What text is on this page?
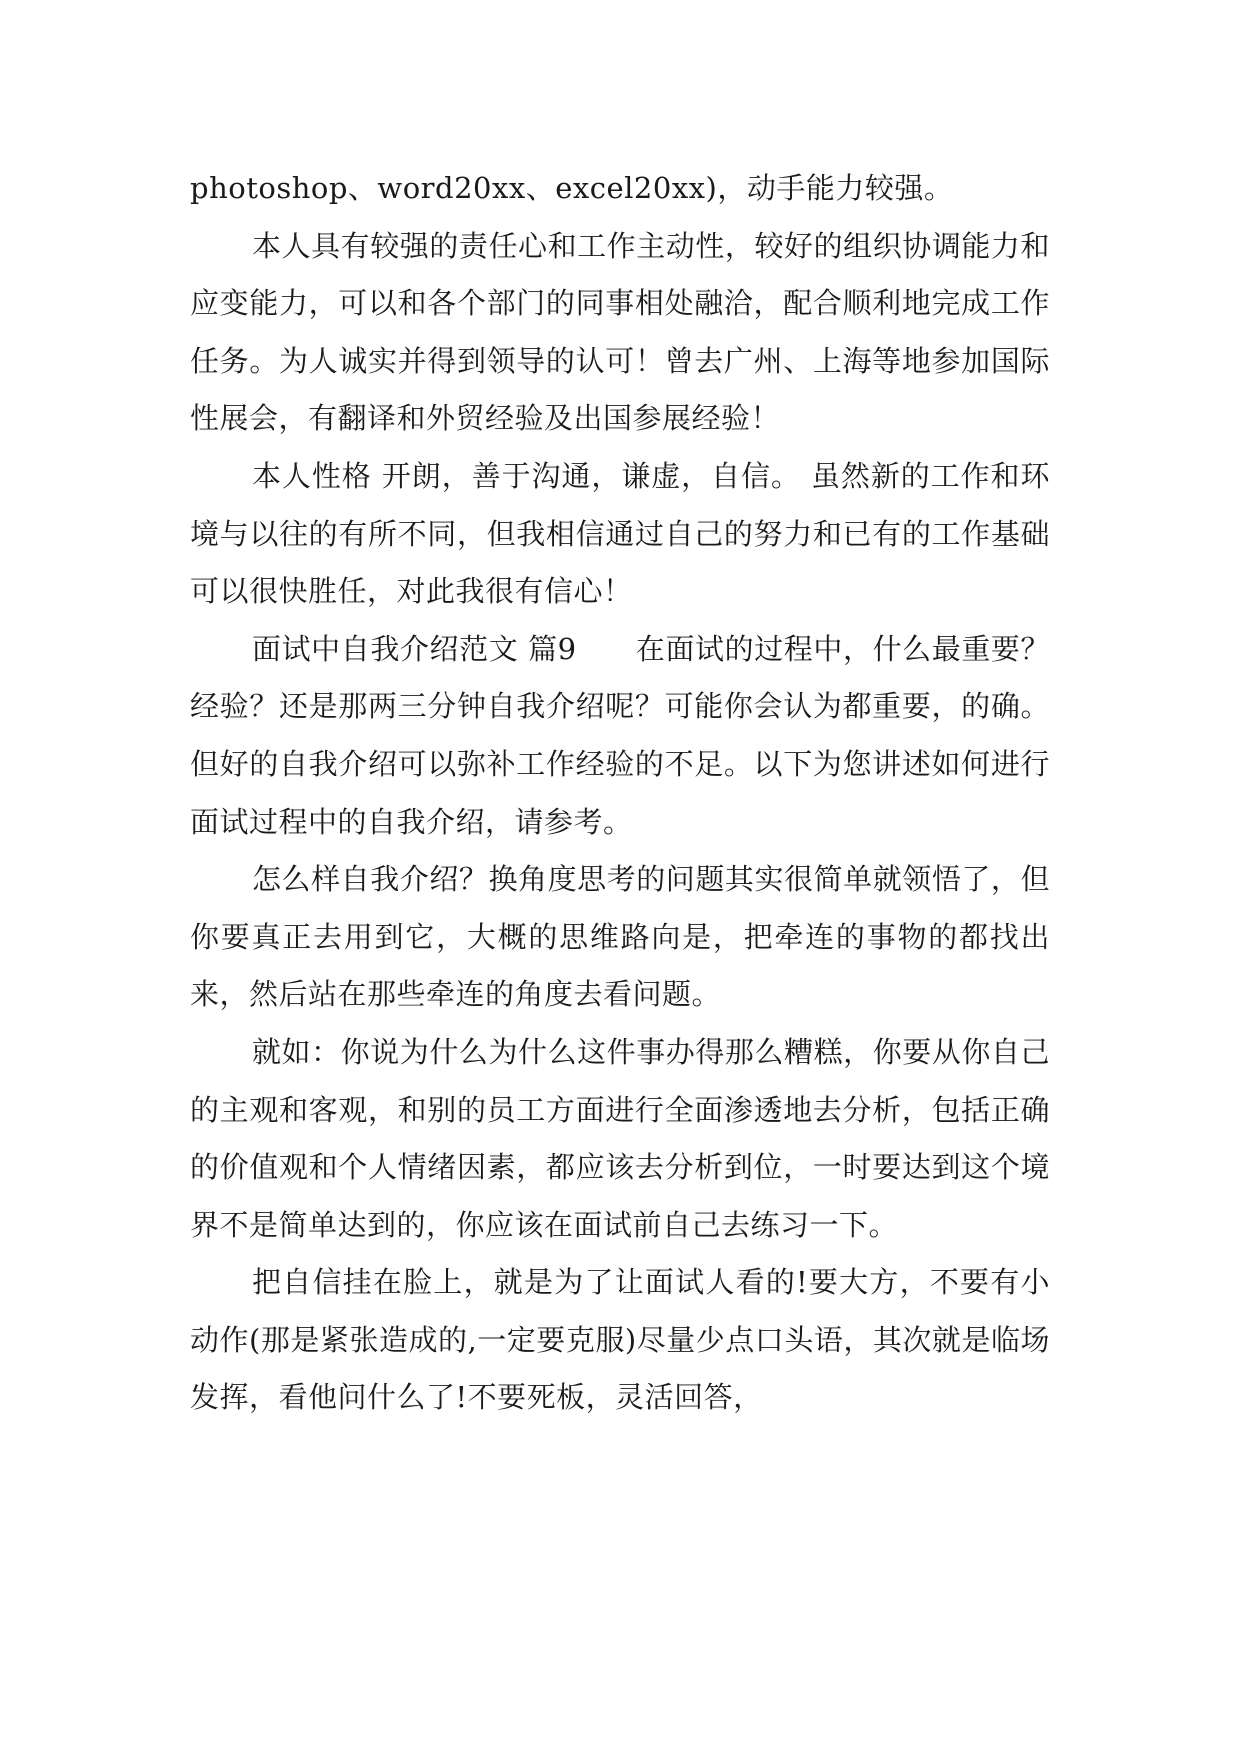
photoshop、word20xx、excel20xx)，动手能力较强。

本人具有较强的责任心和工作主动性，较好的组织协调能力和应变能力，可以和各个部门的同事相处融洽，配合顺利地完成工作任务。为人诚实并得到领导的认可！曾去广州、上海等地参加国际性展会，有翻译和外贸经验及出国参展经验！

本人性格 开朗，善于沟通，谦虚，自信。 虽然新的工作和环境与以往的有所不同，但我相信通过自己的努力和已有的工作基础可以很快胜任，对此我很有信心！

面试中自我介绍范文 篇9　　在面试的过程中，什么最重要？经验？还是那两三分钟自我介绍呢？可能你会认为都重要，的确。但好的自我介绍可以弥补工作经验的不足。以下为您讲述如何进行面试过程中的自我介绍，请参考。

怎么样自我介绍？换角度思考的问题其实很简单就领悟了，但你要真正去用到它，大概的思维路向是，把牵连的事物的都找出来，然后站在那些牵连的角度去看问题。

就如：你说为什么为什么这件事办得那么糟糕，你要从你自己的主观和客观，和别的员工方面进行全面渗透地去分析，包括正确的价值观和个人情绪因素，都应该去分析到位，一时要达到这个境界不是简单达到的，你应该在面试前自己去练习一下。

把自信挂在脸上，就是为了让面试人看的!要大方，不要有小动作(那是紧张造成的,一定要克服)尽量少点口头语，其次就是临场发挥，看他问什么了!不要死板，灵活回答，
